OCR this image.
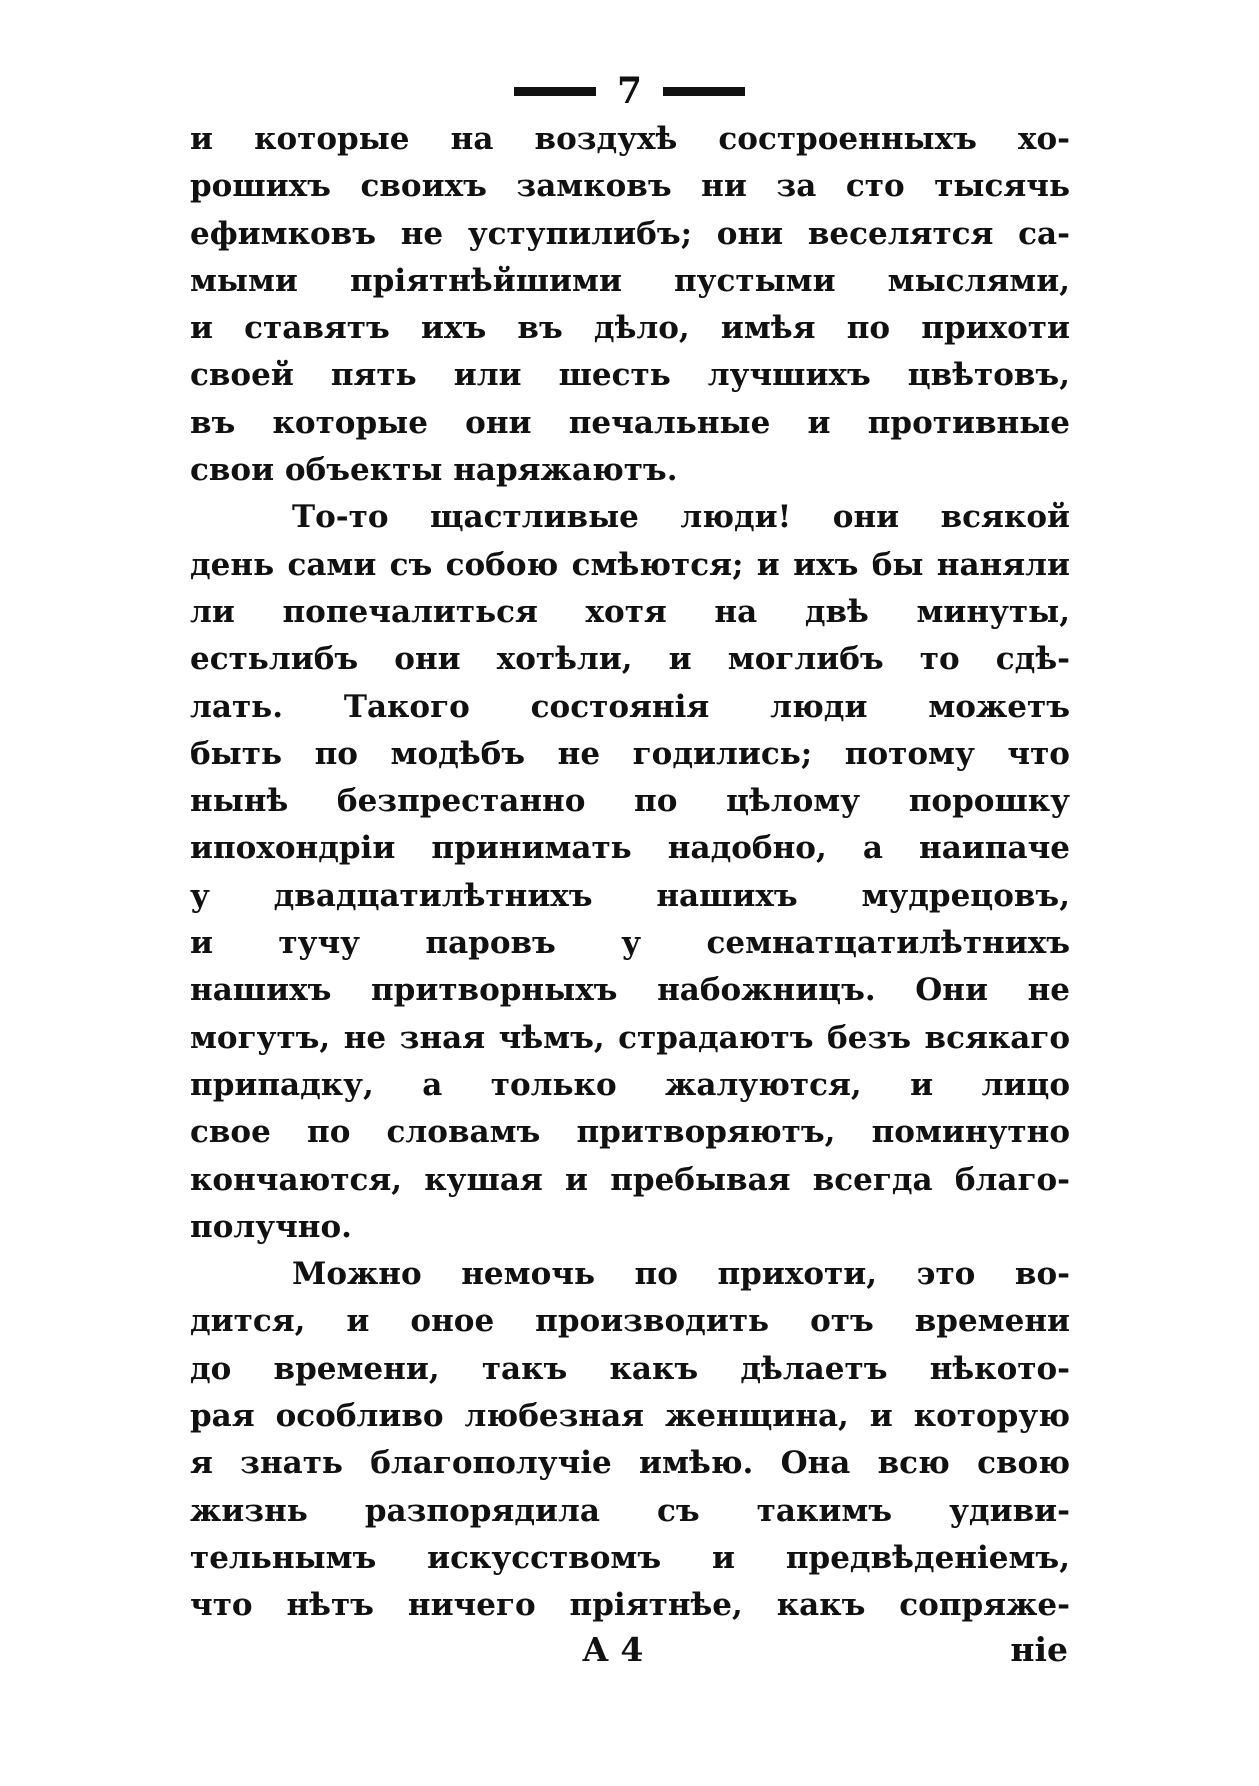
7
и которые на воздухѣ состроенныхъ хо-
рошихъ своихъ замковъ ни за сто тысячь
ефимковъ не уступилибъ; они веселятся са-
мыми пріятнѣйшими пустыми мыслями,
и ставятъ ихъ въ дѣло, имѣя по прихоти
своей пять или шесть лучшихъ цвѣтовъ,
въ которые они печальные и противные
свои объекты наряжаютъ.
То-то щастливые люди! они всякой
день сами съ собою смѣются; и ихъ бы наняли
ли попечалиться хотя на двѣ минуты,
естьлибъ они хотѣли, и моглибъ то сдѣ-
лать. Такого состоянія люди можетъ
быть по модѣбъ не годились; потому что
нынѣ безпрестанно по цѣлому порошку
ипохондріи принимать надобно, а наипаче
у двадцатилѣтнихъ нашихъ мудрецовъ,
и тучу паровъ у семнатцатилѣтнихъ
нашихъ притворныхъ набожницъ. Они не
могутъ, не зная чѣмъ, страдаютъ безъ всякаго
припадку, а только жалуются, и лицо
свое по словамъ притворяютъ, поминутно
кончаются, кушая и пребывая всегда благо-
получно.
Можно немочь по прихоти, это во-
дится, и оное производить отъ времени
до времени, такъ какъ дѣлаетъ нѣкото-
рая особливо любезная женщина, и которую
я знать благополучіе имѣю. Она всю свою
жизнь разпорядила съ такимъ удиви-
тельнымъ искусствомъ и предвѣденіемъ,
что нѣтъ ничего пріятнѣе, какъ сопряже-
А 4	ніе
